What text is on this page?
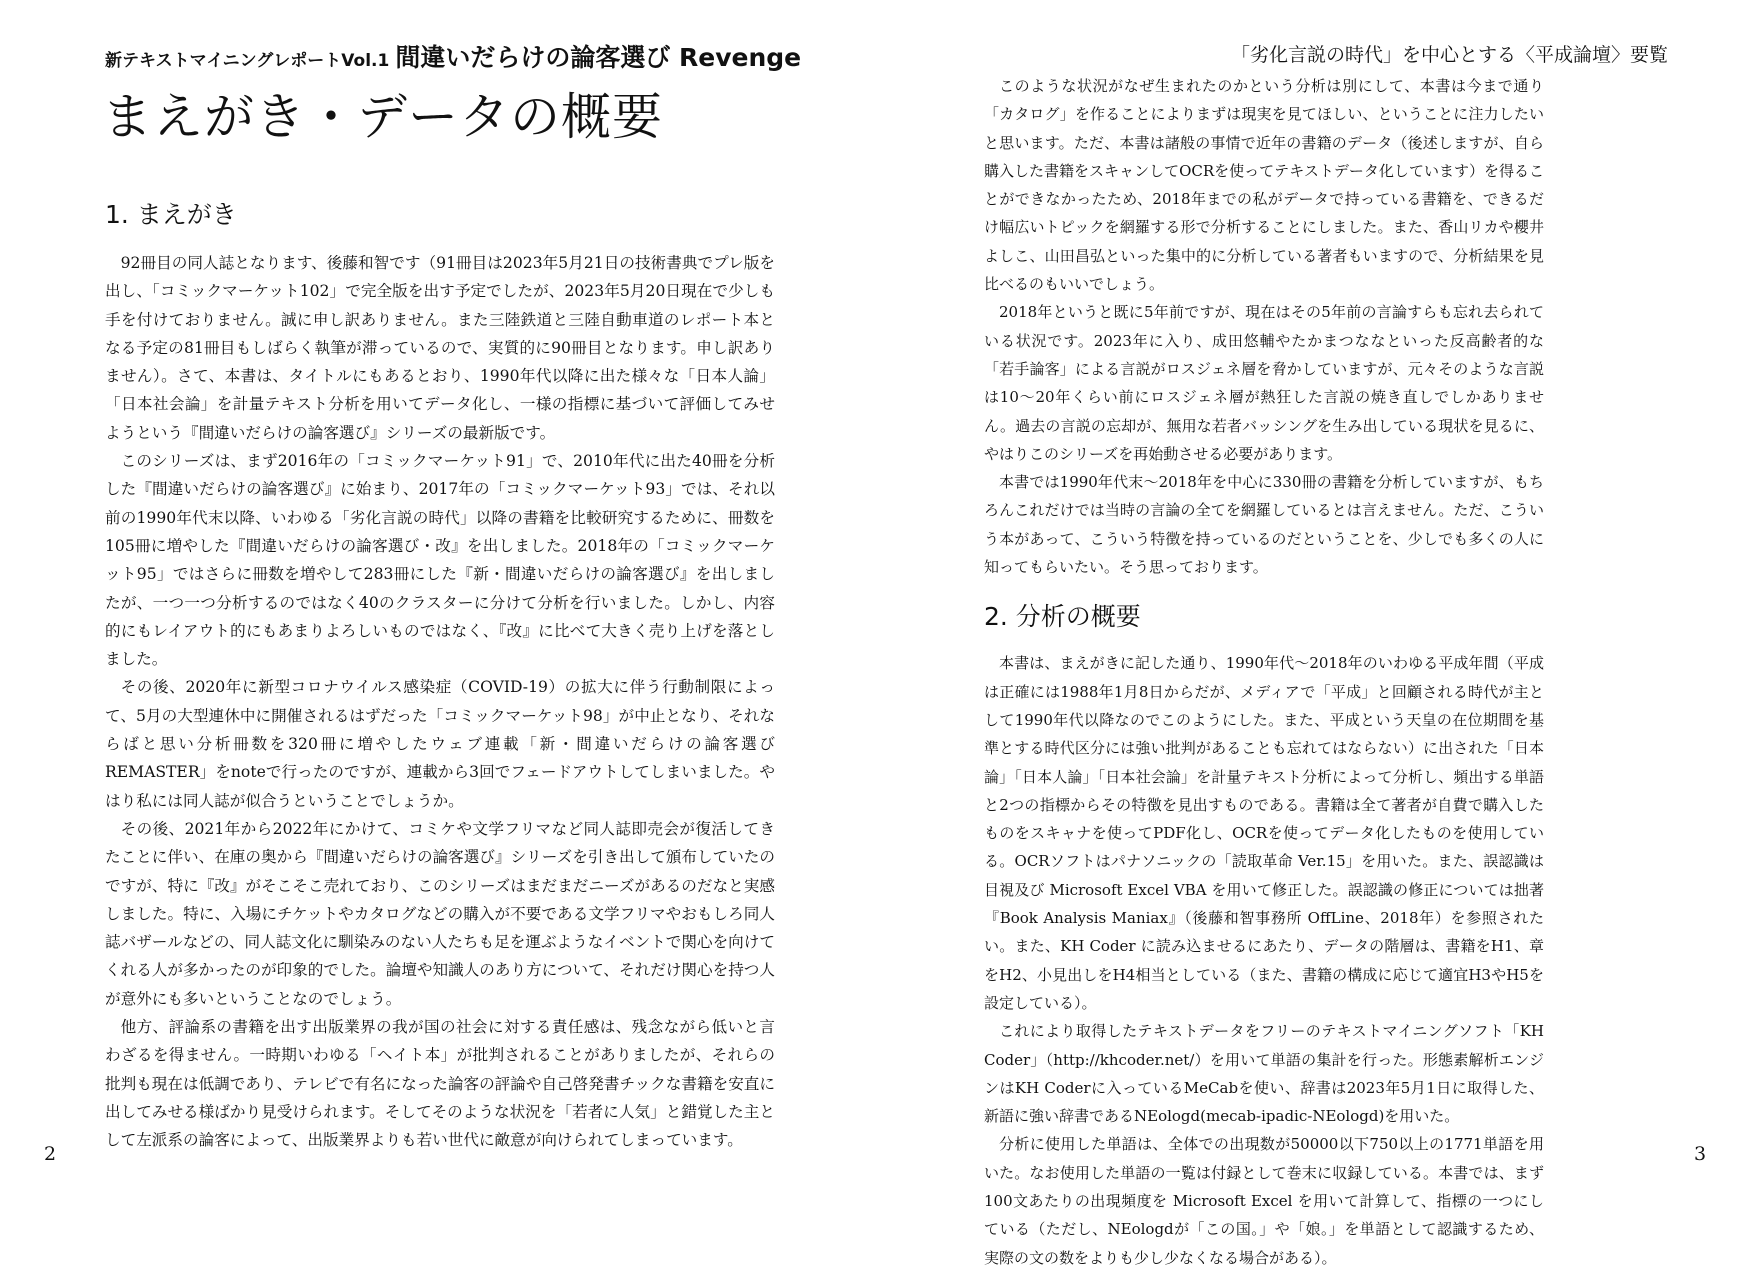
新テキストマイニングレポートVol.1 間違いだらけの論客選び Revenge
まえがき・データの概要
1. まえがき

92冊目の同人誌となります、後藤和智です（91冊目は2023年5月21日の技術書典でプレ版を出し、「コミックマーケット102」で完全版を出す予定でしたが、2023年5月20日現在で少しも手を付けておりません。誠に申し訳ありません。また三陸鉄道と三陸自動車道のレポート本となる予定の81冊目もしばらく執筆が滞っているので、実質的に90冊目となります。申し訳ありません）。さて、本書は、タイトルにもあるとおり、1990年代以降に出た様々な「日本人論」「日本社会論」を計量テキスト分析を用いてデータ化し、一様の指標に基づいて評価してみせようという『間違いだらけの論客選び』シリーズの最新版です。

このシリーズは、まず2016年の「コミックマーケット91」で、2010年代に出た40冊を分析した『間違いだらけの論客選び』に始まり、2017年の「コミックマーケット93」では、それ以前の1990年代末以降、いわゆる「劣化言説の時代」以降の書籍を比較研究するために、冊数を105冊に増やした『間違いだらけの論客選び・改』を出しました。2018年の「コミックマーケット95」ではさらに冊数を増やして283冊にした『新・間違いだらけの論客選び』を出しましたが、一つ一つ分析するのではなく40のクラスターに分けて分析を行いました。しかし、内容的にもレイアウト的にもあまりよろしいものではなく、『改』に比べて大きく売り上げを落としました。

その後、2020年に新型コロナウイルス感染症（COVID-19）の拡大に伴う行動制限によって、5月の大型連休中に開催されるはずだった「コミックマーケット98」が中止となり、それならばと思い分析冊数を320冊に増やしたウェブ連載「新・間違いだらけの論客選び REMASTER」をnoteで行ったのですが、連載から3回でフェードアウトしてしまいました。やはり私には同人誌が似合うということでしょうか。

その後、2021年から2022年にかけて、コミケや文学フリマなど同人誌即売会が復活してきたことに伴い、在庫の奥から『間違いだらけの論客選び』シリーズを引き出して頒布していたのですが、特に『改』がそこそこ売れており、このシリーズはまだまだニーズがあるのだなと実感しました。特に、入場にチケットやカタログなどの購入が不要である文学フリマやおもしろ同人誌バザールなどの、同人誌文化に馴染みのない人たちも足を運ぶようなイベントで関心を向けてくれる人が多かったのが印象的でした。論壇や知識人のあり方について、それだけ関心を持つ人が意外にも多いということなのでしょう。

他方、評論系の書籍を出す出版業界の我が国の社会に対する責任感は、残念ながら低いと言わざるを得ません。一時期いわゆる「ヘイト本」が批判されることがありましたが、それらの批判も現在は低調であり、テレビで有名になった論客の評論や自己啓発書チックな書籍を安直に出してみせる様ばかり見受けられます。そしてそのような状況を「若者に人気」と錯覚した主として左派系の論客によって、出版業界よりも若い世代に敵意が向けられてしまっています。

2
「劣化言説の時代」を中心とする〈平成論壇〉要覧

このような状況がなぜ生まれたのかという分析は別にして、本書は今まで通り「カタログ」を作ることによりまずは現実を見てほしい、ということに注力したいと思います。ただ、本書は諸般の事情で近年の書籍のデータ（後述しますが、自ら購入した書籍をスキャンしてOCRを使ってテキストデータ化しています）を得ることができなかったため、2018年までの私がデータで持っている書籍を、できるだけ幅広いトピックを網羅する形で分析することにしました。また、香山リカや櫻井よしこ、山田昌弘といった集中的に分析している著者もいますので、分析結果を見比べるのもいいでしょう。

2018年というと既に5年前ですが、現在はその5年前の言論すらも忘れ去られている状況です。2023年に入り、成田悠輔やたかまつななといった反高齢者的な「若手論客」による言説がロスジェネ層を脅かしていますが、元々そのような言説は10～20年くらい前にロスジェネ層が熱狂した言説の焼き直しでしかありません。過去の言説の忘却が、無用な若者バッシングを生み出している現状を見るに、やはりこのシリーズを再始動させる必要があります。

本書では1990年代末～2018年を中心に330冊の書籍を分析していますが、もちろんこれだけでは当時の言論の全てを網羅しているとは言えません。ただ、こういう本があって、こういう特徴を持っているのだということを、少しでも多くの人に知ってもらいたい。そう思っております。

2. 分析の概要

本書は、まえがきに記した通り、1990年代～2018年のいわゆる平成年間（平成は正確には1988年1月8日からだが、メディアで「平成」と回顧される時代が主として1990年代以降なのでこのようにした。また、平成という天皇の在位期間を基準とする時代区分には強い批判があることも忘れてはならない）に出された「日本論」「日本人論」「日本社会論」を計量テキスト分析によって分析し、頻出する単語と2つの指標からその特徴を見出すものである。書籍は全て著者が自費で購入したものをスキャナを使ってPDF化し、OCRを使ってデータ化したものを使用している。OCRソフトはパナソニックの「読取革命 Ver.15」を用いた。また、誤認識は目視及び Microsoft Excel VBA を用いて修正した。誤認識の修正については拙著『Book Analysis Maniax』（後藤和智事務所 OffLine、2018年）を参照されたい。また、KH Coder に読み込ませるにあたり、データの階層は、書籍をH1、章をH2、小見出しをH4相当としている（また、書籍の構成に応じて適宜H3やH5を設定している）。

これにより取得したテキストデータをフリーのテキストマイニングソフト「KH Coder」（http://khcoder.net/）を用いて単語の集計を行った。形態素解析エンジンはKH Coderに入っているMeCabを使い、辞書は2023年5月1日に取得した、新語に強い辞書であるNEologd(mecab-ipadic-NEologd)を用いた。

分析に使用した単語は、全体での出現数が50000以下750以上の1771単語を用いた。なお使用した単語の一覧は付録として巻末に収録している。本書では、まず100文あたりの出現頻度を Microsoft Excel を用いて計算して、指標の一つにしている（ただし、NEologdが「この国。」や「娘。」を単語として認識するため、実際の文の数をよりも少し少なくなる場合がある）。

3
